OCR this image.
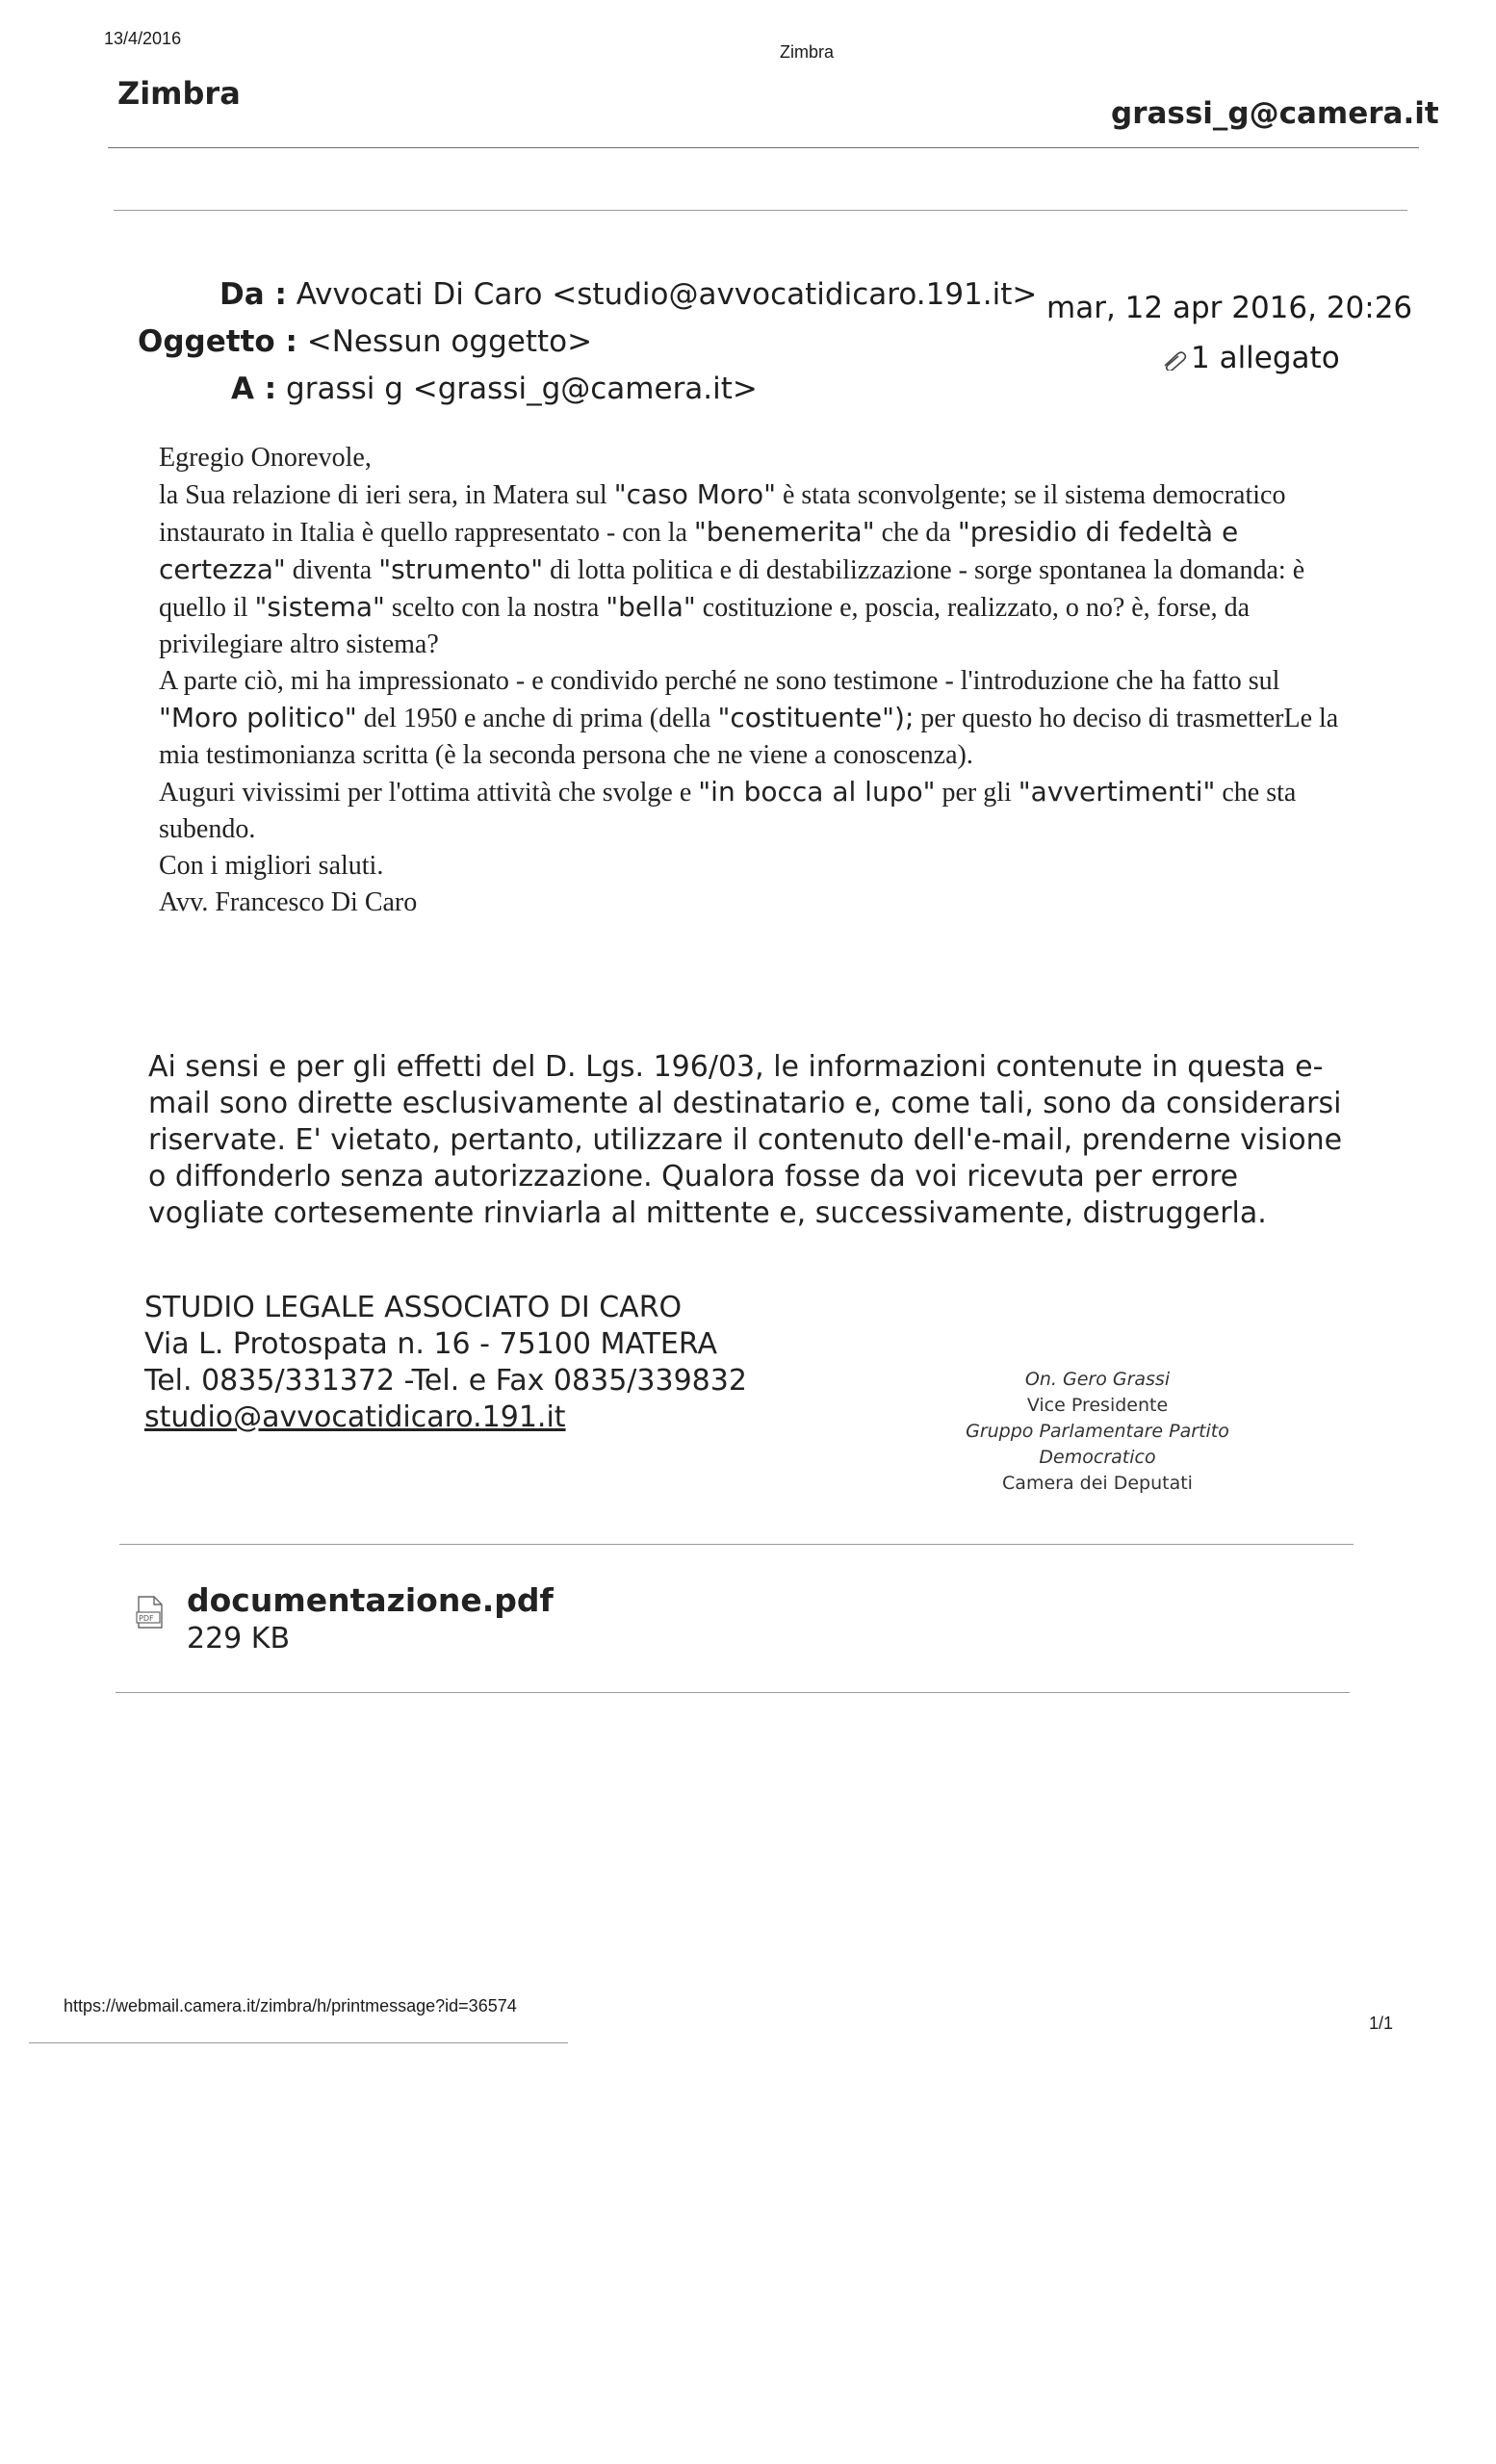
13/4/2016
Zimbra
Zimbra
grassi_g@camera.it
Da : Avvocati Di Caro <studio@avvocatidicaro.191.it>
Oggetto : <Nessun oggetto>
A : grassi g <grassi_g@camera.it>
mar, 12 apr 2016, 20:26
1 allegato

Egregio Onorevole,

la Sua relazione di ieri sera, in Matera sul "caso Moro" è stata sconvolgente; se il sistema democratico instaurato in Italia è quello rappresentato - con la "benemerita" che da "presidio di fedeltà e certezza" diventa "strumento" di lotta politica e di destabilizzazione - sorge spontanea la domanda: è quello il "sistema" scelto con la nostra "bella" costituzione e, poscia, realizzato, o no? è, forse, da privilegiare altro sistema?

A parte ciò, mi ha impressionato - e condivido perché ne sono testimone - l'introduzione che ha fatto sul "Moro politico" del 1950 e anche di prima (della "costituente"); per questo ho deciso di trasmetterLe la mia testimonianza scritta (è la seconda persona che ne viene a conoscenza).

Auguri vivissimi per l'ottima attività che svolge e "in bocca al lupo" per gli "avvertimenti" che sta subendo.

Con i migliori saluti.

Avv. Francesco Di Caro

Ai sensi e per gli effetti del D. Lgs. 196/03, le informazioni contenute in questa e-mail sono dirette esclusivamente al destinatario e, come tali, sono da considerarsi riservate. E' vietato, pertanto, utilizzare il contenuto dell'e-mail, prenderne visione o diffonderlo senza autorizzazione. Qualora fosse da voi ricevuta per errore vogliate cortesemente rinviarla al mittente e, successivamente, distruggerla.

STUDIO LEGALE ASSOCIATO DI CARO
Via L. Protospata n. 16 - 75100 MATERA
Tel. 0835/331372 -Tel. e Fax 0835/339832
studio@avvocatidicaro.191.it
On. Gero Grassi
Vice Presidente
Gruppo Parlamentare Partito Democratico
Camera dei Deputati
PDF documentazione.pdf
229 KB
https://webmail.camera.it/zimbra/h/printmessage?id=36574
1/1
